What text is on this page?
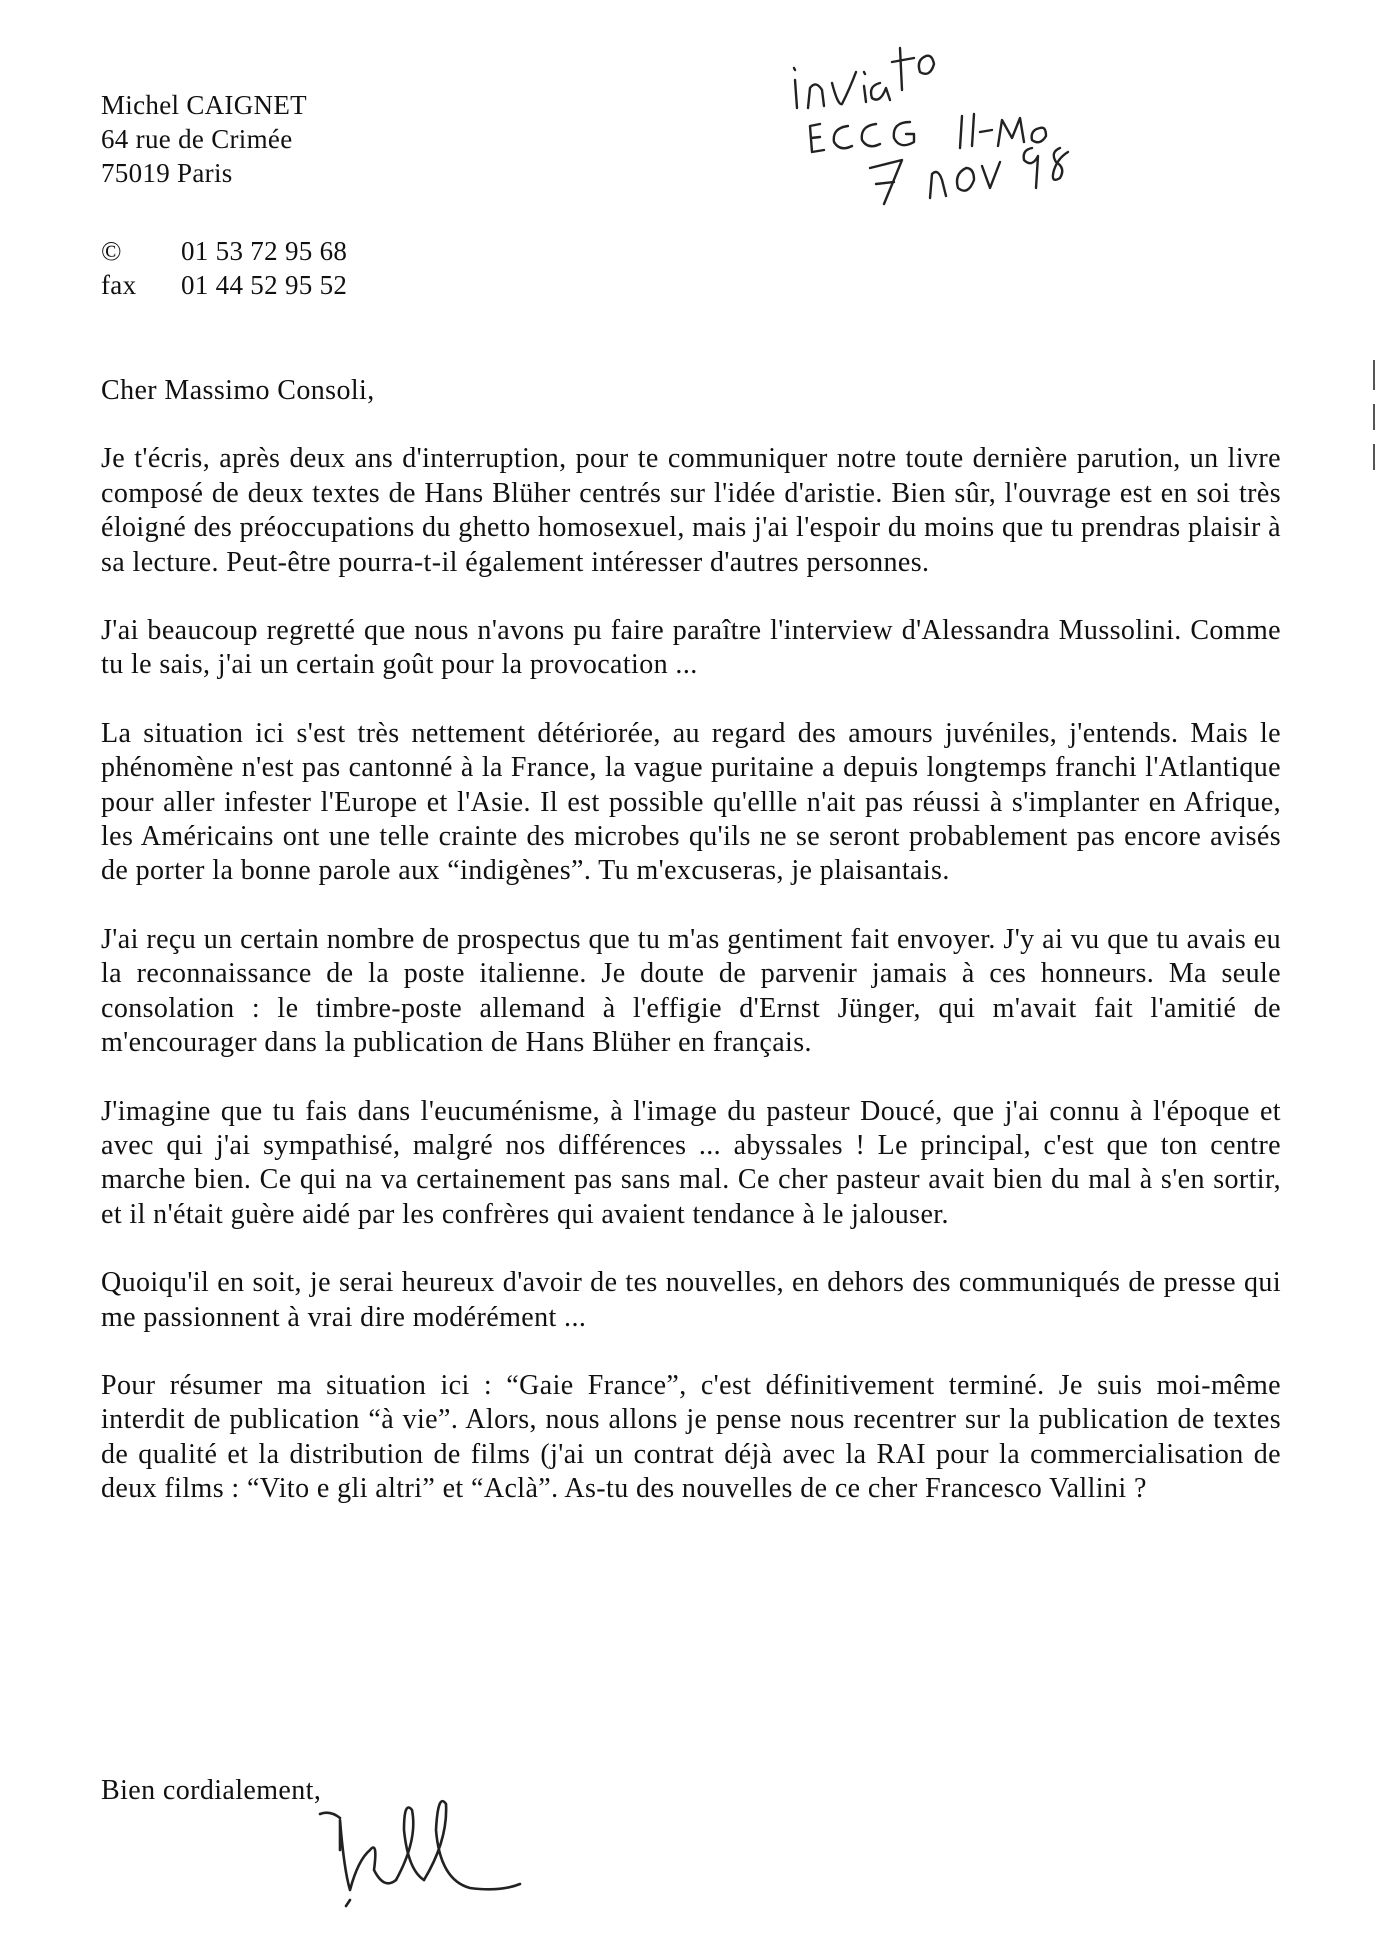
Michel CAIGNET
64 rue de Crimée
75019 Paris
©	01 53 72 95 68
fax	01 44 52 95 52

Cher Massimo Consoli,

Je t'écris, après deux ans d'interruption, pour te communiquer notre toute dernière parution, un livre composé de deux textes de Hans Blüher centrés sur l'idée d'aristie. Bien sûr, l'ouvrage est en soi très éloigné des préoccupations du ghetto homosexuel, mais j'ai l'espoir du moins que tu prendras plaisir à sa lecture. Peut-être pourra-t-il également intéresser d'autres personnes.

J'ai beaucoup regretté que nous n'avons pu faire paraître l'interview d'Alessandra Mussolini. Comme tu le sais, j'ai un certain goût pour la provocation ...

La situation ici s'est très nettement détériorée, au regard des amours juvéniles, j'entends. Mais le phénomène n'est pas cantonné à la France, la vague puritaine a depuis longtemps franchi l'Atlantique pour aller infester l'Europe et l'Asie. Il est possible qu'ellle n'ait pas réussi à s'implanter en Afrique, les Américains ont une telle crainte des microbes qu'ils ne se seront probablement pas encore avisés de porter la bonne parole aux “indigènes”. Tu m'excuseras, je plaisantais.

J'ai reçu un certain nombre de prospectus que tu m'as gentiment fait envoyer. J'y ai vu que tu avais eu la reconnaissance de la poste italienne. Je doute de parvenir jamais à ces honneurs. Ma seule consolation : le timbre-poste allemand à l'effigie d'Ernst Jünger, qui m'avait fait l'amitié de m'encourager dans la publication de Hans Blüher en français.

J'imagine que tu fais dans l'eucuménisme, à l'image du pasteur Doucé, que j'ai connu à l'époque et avec qui j'ai sympathisé, malgré nos différences ... abyssales ! Le principal, c'est que ton centre marche bien. Ce qui na va certainement pas sans mal. Ce cher pasteur avait bien du mal à s'en sortir, et il n'était guère aidé par les confrères qui avaient tendance à le jalouser.

Quoiqu'il en soit, je serai heureux d'avoir de tes nouvelles, en dehors des communiqués de presse qui me passionnent à vrai dire modérément ...

Pour résumer ma situation ici : “Gaie France”, c'est définitivement terminé. Je suis moi-même interdit de publication “à vie”. Alors, nous allons je pense nous recentrer sur la publication de textes de qualité et la distribution de films (j'ai un contrat déjà avec la RAI pour la commercialisation de deux films : “Vito e gli altri” et “Aclà”. As-tu des nouvelles de ce cher Francesco Vallini ?

Bien cordialement,
